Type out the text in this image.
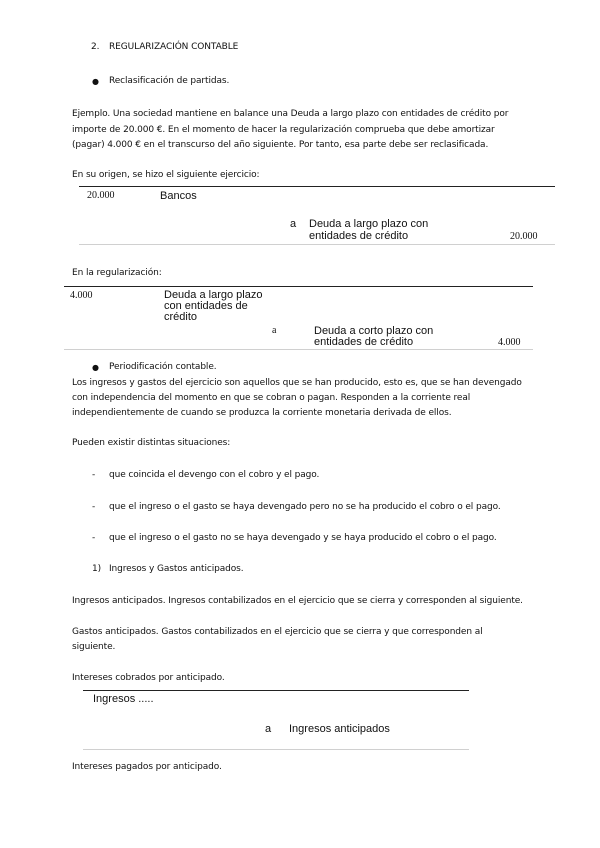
2. REGULARIZACIÓN CONTABLE
● Reclasificación de partidas.
Ejemplo. Una sociedad mantiene en balance una Deuda a largo plazo con entidades de crédito por
importe de 20.000 €. En el momento de hacer la regularización comprueba que debe amortizar
(pagar) 4.000 € en el transcurso del año siguiente. Por tanto, esa parte debe ser reclasificada.
En su origen, se hizo el siguiente ejercicio:
20.000	Bancos
a Deuda a largo plazo con
entidades de crédito	20.000
En la regularización:
4.000	Deuda a largo plazo
con entidades de
crédito
a	Deuda a corto plazo con
entidades de crédito	4.000
● Periodificación contable.
Los ingresos y gastos del ejercicio son aquellos que se han producido, esto es, que se han devengado
con independencia del momento en que se cobran o pagan. Responden a la corriente real
independientemente de cuando se produzca la corriente monetaria derivada de ellos.
Pueden existir distintas situaciones:
- que coincida el devengo con el cobro y el pago.
- que el ingreso o el gasto se haya devengado pero no se ha producido el cobro o el pago.
- que el ingreso o el gasto no se haya devengado y se haya producido el cobro o el pago.
1) Ingresos y Gastos anticipados.
Ingresos anticipados. Ingresos contabilizados en el ejercicio que se cierra y corresponden al siguiente.
Gastos anticipados. Gastos contabilizados en el ejercicio que se cierra y que corresponden al
siguiente.
Intereses cobrados por anticipado.
Ingresos .....
a Ingresos anticipados
Intereses pagados por anticipado.
